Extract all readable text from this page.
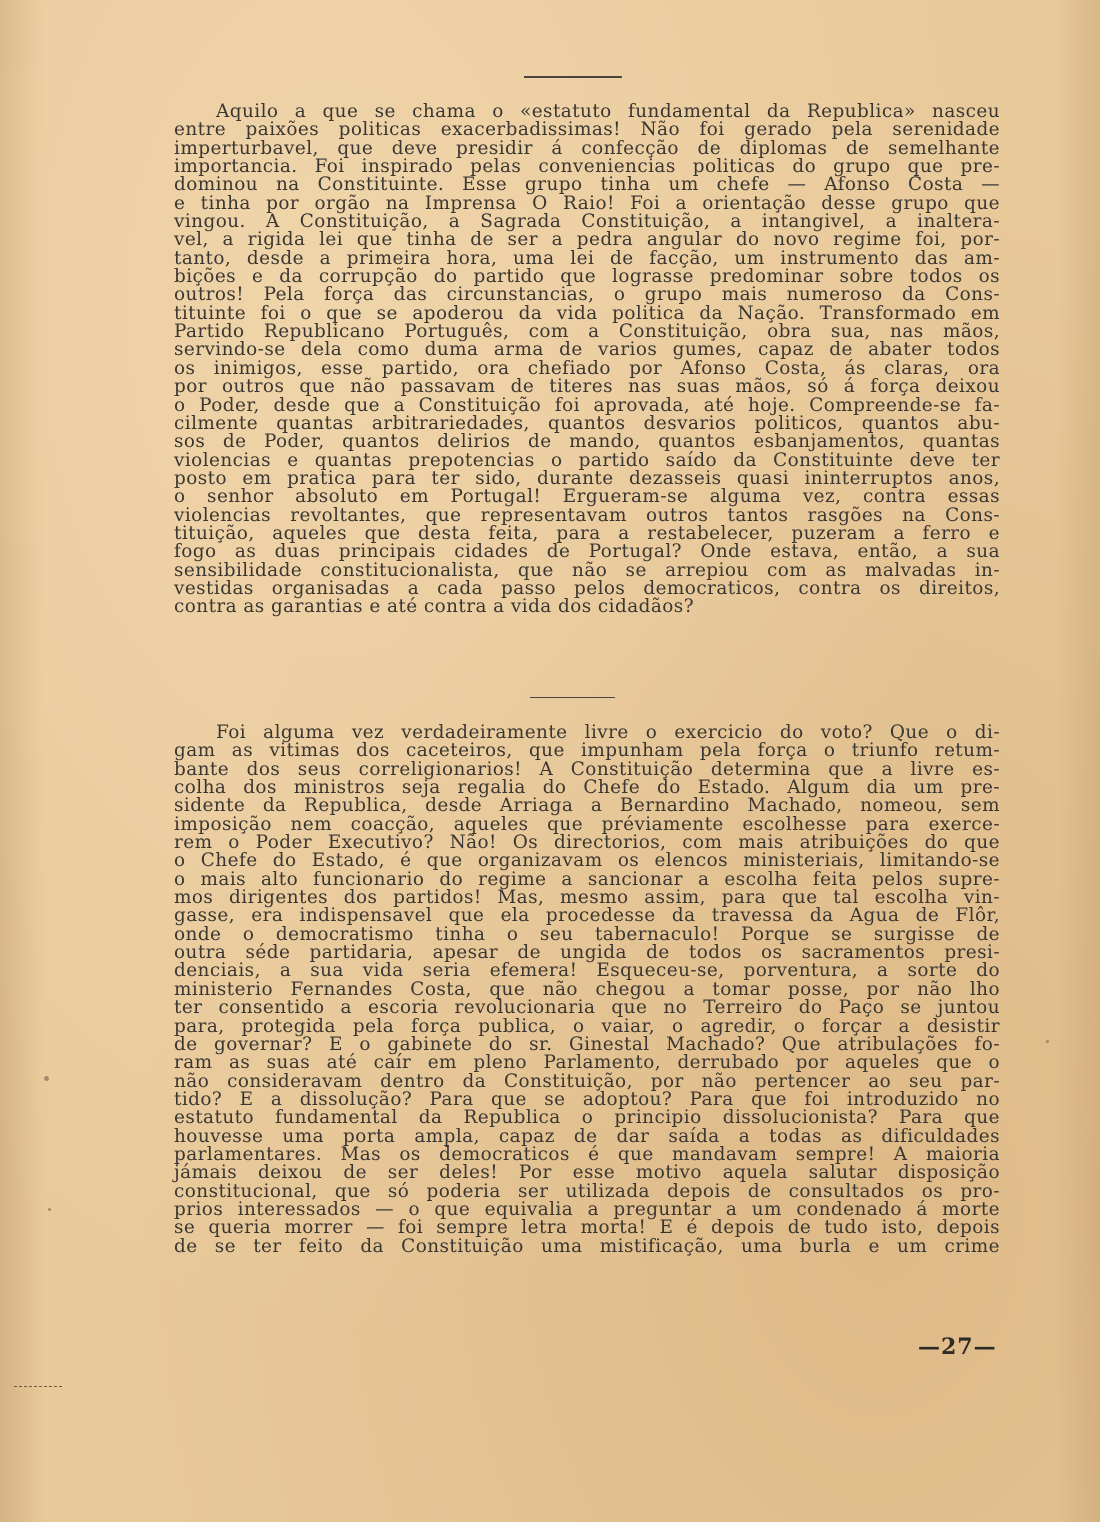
Aquilo a que se chama o «estatuto fundamental da Republica» nasceu
entre paixões politicas exacerbadissimas! Não foi gerado pela serenidade
imperturbavel, que deve presidir á confecção de diplomas de semelhante
importancia. Foi inspirado pelas conveniencias politicas do grupo que pre-
dominou na Constituinte. Esse grupo tinha um chefe — Afonso Costa —
e tinha por orgão na Imprensa O Raio! Foi a orientação desse grupo que
vingou. A Constituição, a Sagrada Constituição, a intangivel, a inaltera-
vel, a rigida lei que tinha de ser a pedra angular do novo regime foi, por-
tanto, desde a primeira hora, uma lei de facção, um instrumento das am-
bições e da corrupção do partido que lograsse predominar sobre todos os
outros! Pela força das circunstancias, o grupo mais numeroso da Cons-
tituinte foi o que se apoderou da vida politica da Nação. Transformado em
Partido Republicano Português, com a Constituição, obra sua, nas mãos,
servindo-se dela como duma arma de varios gumes, capaz de abater todos
os inimigos, esse partido, ora chefiado por Afonso Costa, ás claras, ora
por outros que não passavam de titeres nas suas mãos, só á força deixou
o Poder, desde que a Constituição foi aprovada, até hoje. Compreende-se fa-
cilmente quantas arbitrariedades, quantos desvarios politicos, quantos abu-
sos de Poder, quantos delirios de mando, quantos esbanjamentos, quantas
violencias e quantas prepotencias o partido saído da Constituinte deve ter
posto em pratica para ter sido, durante dezasseis quasi ininterruptos anos,
o senhor absoluto em Portugal! Ergueram-se alguma vez, contra essas
violencias revoltantes, que representavam outros tantos rasgões na Cons-
tituição, aqueles que desta feita, para a restabelecer, puzeram a ferro e
fogo as duas principais cidades de Portugal? Onde estava, então, a sua
sensibilidade constitucionalista, que não se arrepiou com as malvadas in-
vestidas organisadas a cada passo pelos democraticos, contra os direitos,
contra as garantias e até contra a vida dos cidadãos?
Foi alguma vez verdadeiramente livre o exercicio do voto? Que o di-
gam as vitimas dos caceteiros, que impunham pela força o triunfo retum-
bante dos seus correligionarios! A Constituição determina que a livre es-
colha dos ministros seja regalia do Chefe do Estado. Algum dia um pre-
sidente da Republica, desde Arriaga a Bernardino Machado, nomeou, sem
imposição nem coacção, aqueles que préviamente escolhesse para exerce-
rem o Poder Executivo? Não! Os directorios, com mais atribuições do que
o Chefe do Estado, é que organizavam os elencos ministeriais, limitando-se
o mais alto funcionario do regime a sancionar a escolha feita pelos supre-
mos dirigentes dos partidos! Mas, mesmo assim, para que tal escolha vin-
gasse, era indispensavel que ela procedesse da travessa da Agua de Flôr,
onde o democratismo tinha o seu tabernaculo! Porque se surgisse de
outra séde partidaria, apesar de ungida de todos os sacramentos presi-
denciais, a sua vida seria efemera! Esqueceu-se, porventura, a sorte do
ministerio Fernandes Costa, que não chegou a tomar posse, por não lho
ter consentido a escoria revolucionaria que no Terreiro do Paço se juntou
para, protegida pela força publica, o vaiar, o agredir, o forçar a desistir
de governar? E o gabinete do sr. Ginestal Machado? Que atribulações fo-
ram as suas até caír em pleno Parlamento, derrubado por aqueles que o
não consideravam dentro da Constituição, por não pertencer ao seu par-
tido? E a dissolução? Para que se adoptou? Para que foi introduzido no
estatuto fundamental da Republica o principio dissolucionista? Para que
houvesse uma porta ampla, capaz de dar saída a todas as dificuldades
parlamentares. Mas os democraticos é que mandavam sempre! A maioria
jámais deixou de ser deles! Por esse motivo aquela salutar disposição
constitucional, que só poderia ser utilizada depois de consultados os pro-
prios interessados — o que equivalia a preguntar a um condenado á morte
se queria morrer — foi sempre letra morta! E é depois de tudo isto, depois
de se ter feito da Constituição uma mistificação, uma burla e um crime
—27—
